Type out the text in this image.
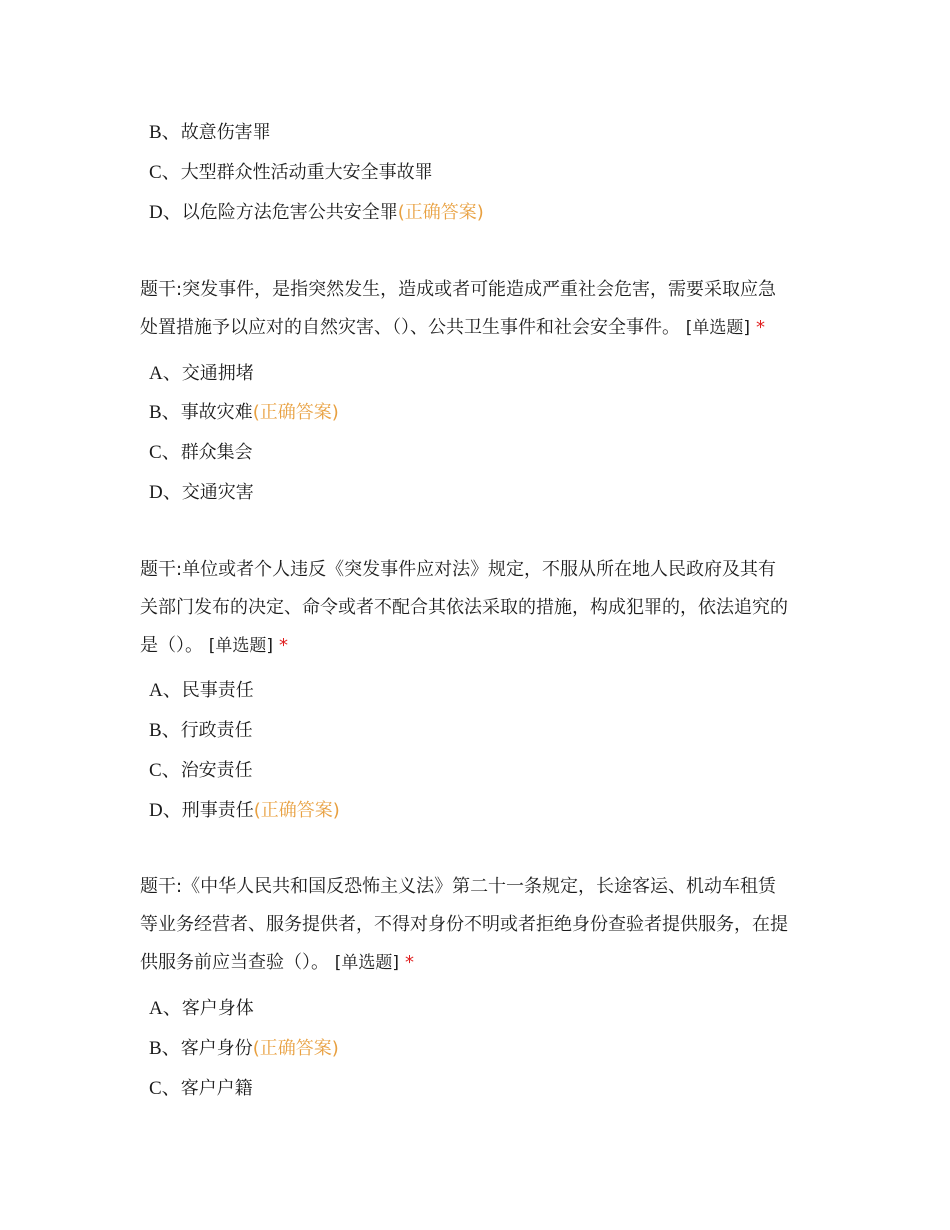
B、故意伤害罪
C、大型群众性活动重大安全事故罪
D、以危险方法危害公共安全罪(正确答案)
题干:突发事件，是指突然发生，造成或者可能造成严重社会危害，需要采取应急
处置措施予以应对的自然灾害、（）、公共卫生事件和社会安全事件。 [单选题] *
A、交通拥堵
B、事故灾难(正确答案)
C、群众集会
D、交通灾害
题干:单位或者个人违反《突发事件应对法》规定，不服从所在地人民政府及其有
关部门发布的决定、命令或者不配合其依法采取的措施，构成犯罪的，依法追究的
是（）。 [单选题] *
A、民事责任
B、行政责任
C、治安责任
D、刑事责任(正确答案)
题干:《中华人民共和国反恐怖主义法》第二十一条规定，长途客运、机动车租赁
等业务经营者、服务提供者，不得对身份不明或者拒绝身份查验者提供服务，在提
供服务前应当查验（）。 [单选题] *
A、客户身体
B、客户身份(正确答案)
C、客户户籍
